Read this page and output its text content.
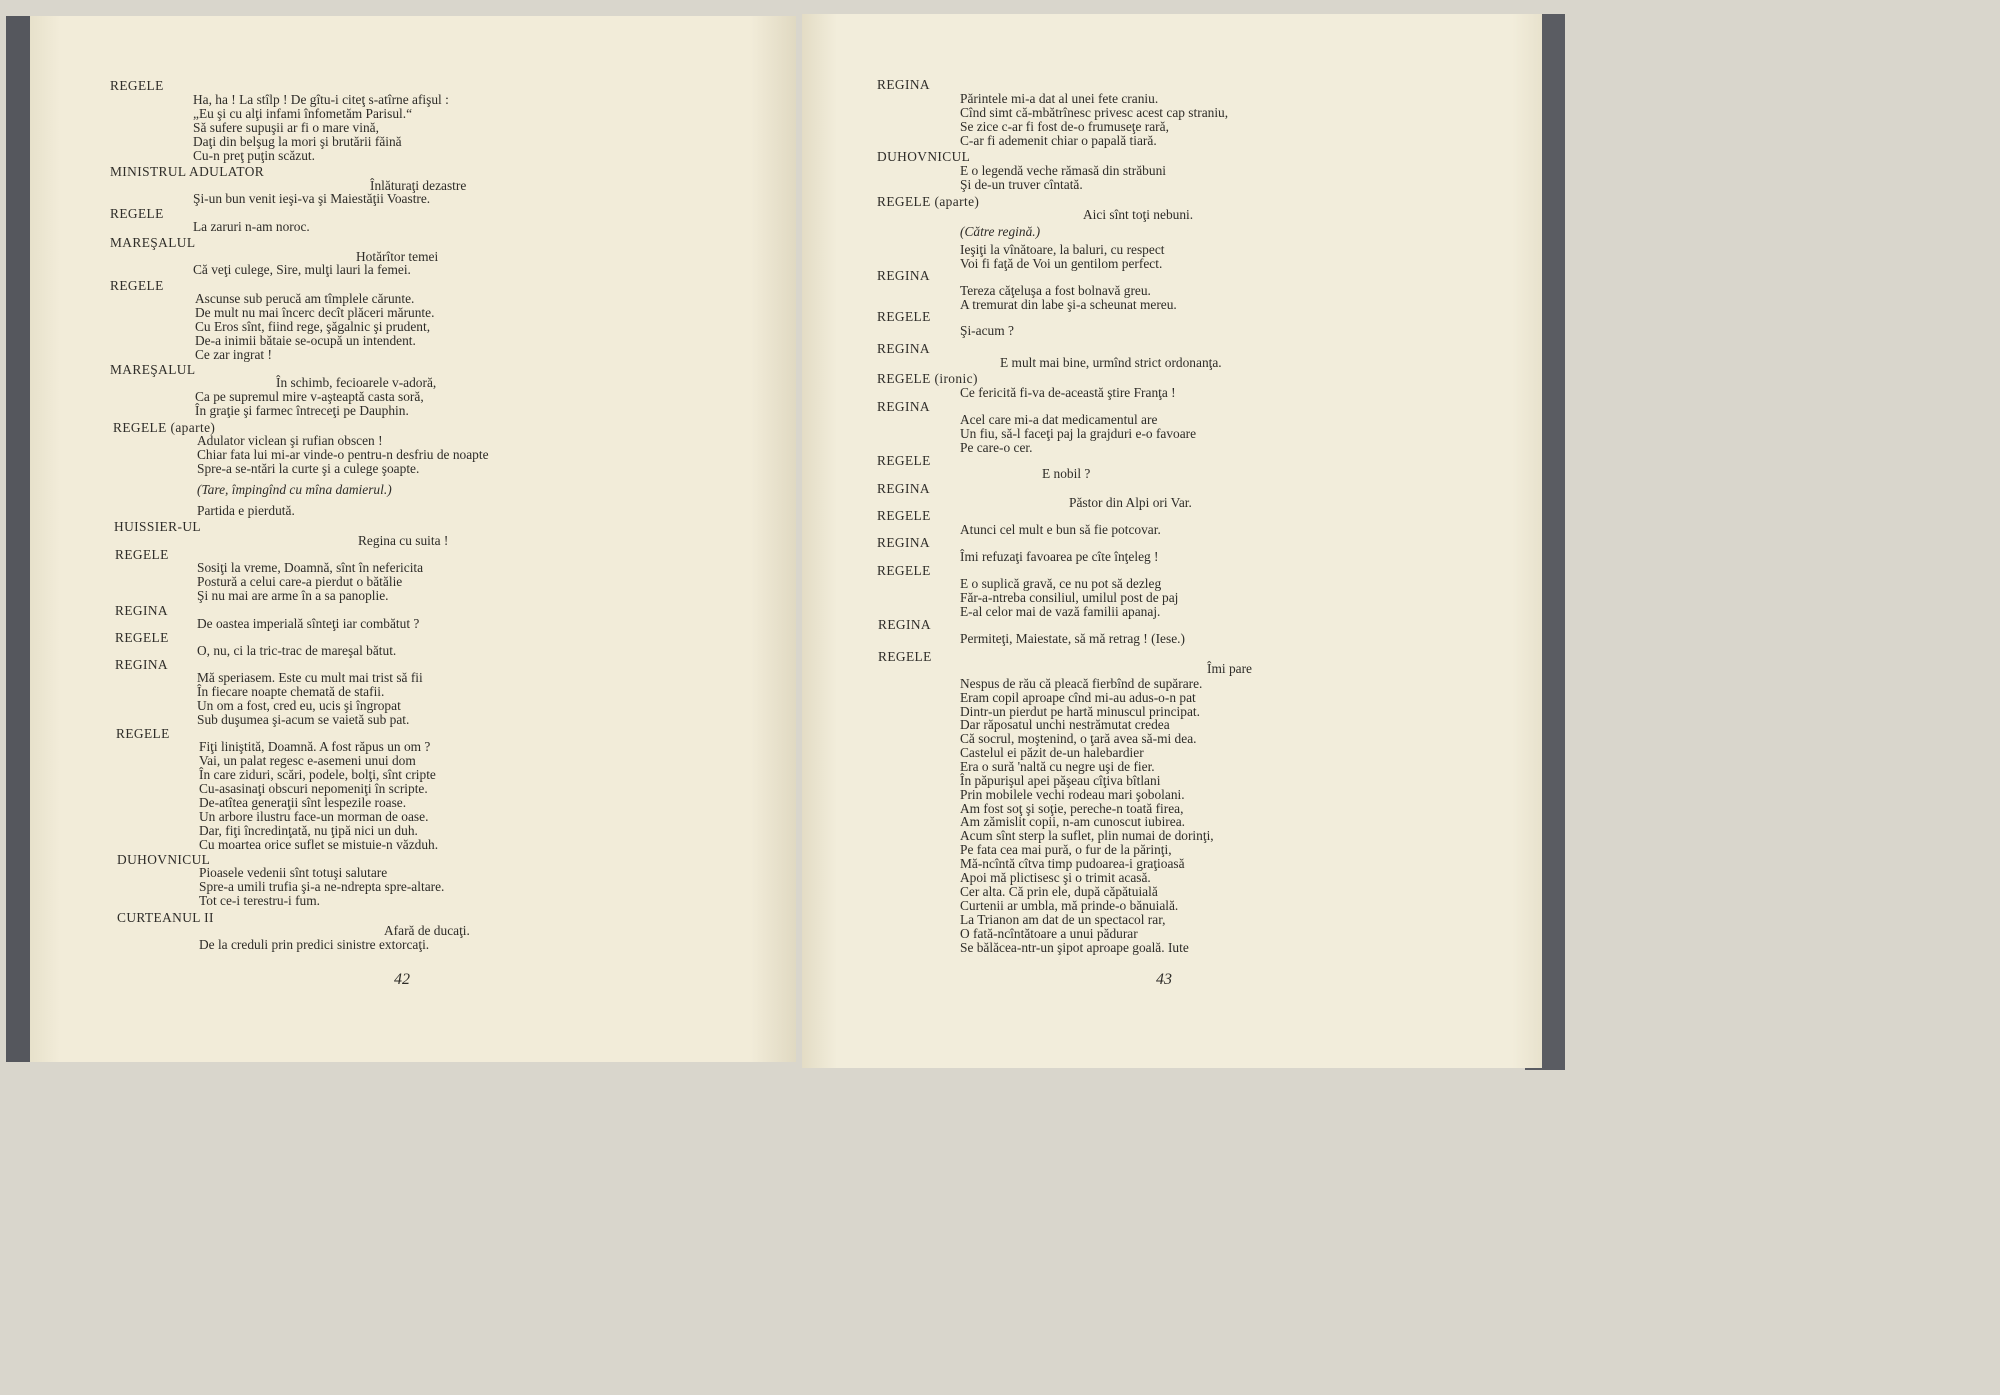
REGELE
Ha, ha ! La stîlp ! De gîtu-i citeţ s-atîrne afişul :
„Eu şi cu alţi infami înfometăm Parisul.“
Să sufere supuşii ar fi o mare vină,
Daţi din belşug la mori şi brutării făină
Cu-n preţ puţin scăzut.
MINISTRUL ADULATOR
Înlăturaţi dezastre
Şi-un bun venit ieşi-va şi Maiestăţii Voastre.
REGELE
La zaruri n-am noroc.
MAREŞALUL
Hotărîtor temei
Că veţi culege, Sire, mulţi lauri la femei.
REGELE
Ascunse sub perucă am tîmplele cărunte.
De mult nu mai încerc decît plăceri mărunte.
Cu Eros sînt, fiind rege, şăgalnic şi prudent,
De-a inimii bătaie se-ocupă un intendent.
Ce zar ingrat !
MAREŞALUL
În schimb, fecioarele v-adoră,
Ca pe supremul mire v-aşteaptă casta soră,
În graţie şi farmec întreceţi pe Dauphin.
REGELE (aparte)
Adulator viclean şi rufian obscen !
Chiar fata lui mi-ar vinde-o pentru-n desfriu de noapte
Spre-a se-ntări la curte şi a culege şoapte.
(Tare, împingînd cu mîna damierul.)
Partida e pierdută.
HUISSIER-UL
Regina cu suita !
REGELE
Sosiţi la vreme, Doamnă, sînt în nefericita
Postură a celui care-a pierdut o bătălie
Şi nu mai are arme în a sa panoplie.
REGINA
De oastea imperială sînteţi iar combătut ?
REGELE
O, nu, ci la tric-trac de mareşal bătut.
REGINA
Mă speriasem. Este cu mult mai trist să fii
În fiecare noapte chemată de stafii.
Un om a fost, cred eu, ucis şi îngropat
Sub duşumea şi-acum se vaietă sub pat.
REGELE
Fiţi liniştită, Doamnă. A fost răpus un om ?
Vai, un palat regesc e-asemeni unui dom
În care ziduri, scări, podele, bolţi, sînt cripte
Cu-asasinaţi obscuri nepomeniţi în scripte.
De-atîtea generaţii sînt lespezile roase.
Un arbore ilustru face-un morman de oase.
Dar, fiţi încredinţată, nu ţipă nici un duh.
Cu moartea orice suflet se mistuie-n văzduh.
DUHOVNICUL
Pioasele vedenii sînt totuşi salutare
Spre-a umili trufia şi-a ne-ndrepta spre-altare.
Tot ce-i terestru-i fum.
CURTEANUL II
Afară de ducaţi.
De la creduli prin predici sinistre extorcaţi.
42
REGINA
Părintele mi-a dat al unei fete craniu.
Cînd simt că-mbătrînesc privesc acest cap straniu,
Se zice c-ar fi fost de-o frumuseţe rară,
C-ar fi ademenit chiar o papală tiară.
DUHOVNICUL
E o legendă veche rămasă din străbuni
Şi de-un truver cîntată.
REGELE (aparte)
Aici sînt toţi nebuni.
(Către regină.)
Ieşiţi la vînătoare, la baluri, cu respect
Voi fi faţă de Voi un gentilom perfect.
REGINA
Tereza căţeluşa a fost bolnavă greu.
A tremurat din labe şi-a scheunat mereu.
REGELE
Şi-acum ?
REGINA
E mult mai bine, urmînd strict ordonanţa.
REGELE (ironic)
Ce fericită fi-va de-această ştire Franţa !
REGINA
Acel care mi-a dat medicamentul are
Un fiu, să-l faceţi paj la grajduri e-o favoare
Pe care-o cer.
REGELE
E nobil ?
REGINA
Păstor din Alpi ori Var.
REGELE
Atunci cel mult e bun să fie potcovar.
REGINA
Îmi refuzaţi favoarea pe cîte înţeleg !
REGELE
E o suplică gravă, ce nu pot să dezleg
Făr-a-ntreba consiliul, umilul post de paj
E-al celor mai de vază familii apanaj.
REGINA
Permiteţi, Maiestate, să mă retrag ! (Iese.)
REGELE
Îmi pare
Nespus de rău că pleacă fierbînd de supărare.
Eram copil aproape cînd mi-au adus-o-n pat
Dintr-un pierdut pe hartă minuscul principat.
Dar răposatul unchi nestrămutat credea
Că socrul, moştenind, o ţară avea să-mi dea.
Castelul ei păzit de-un halebardier
Era o sură 'naltă cu negre uşi de fier.
În păpurişul apei păşeau cîţiva bîtlani
Prin mobilele vechi rodeau mari şobolani.
Am fost soţ şi soţie, pereche-n toată firea,
Am zămislit copii, n-am cunoscut iubirea.
Acum sînt sterp la suflet, plin numai de dorinţi,
Pe fata cea mai pură, o fur de la părinţi,
Mă-ncîntă cîtva timp pudoarea-i graţioasă
Apoi mă plictisesc şi o trimit acasă.
Cer alta. Că prin ele, după căpătuială
Curtenii ar umbla, mă prinde-o bănuială.
La Trianon am dat de un spectacol rar,
O fată-ncîntătoare a unui pădurar
Se bălăcea-ntr-un şipot aproape goală. Iute
43
